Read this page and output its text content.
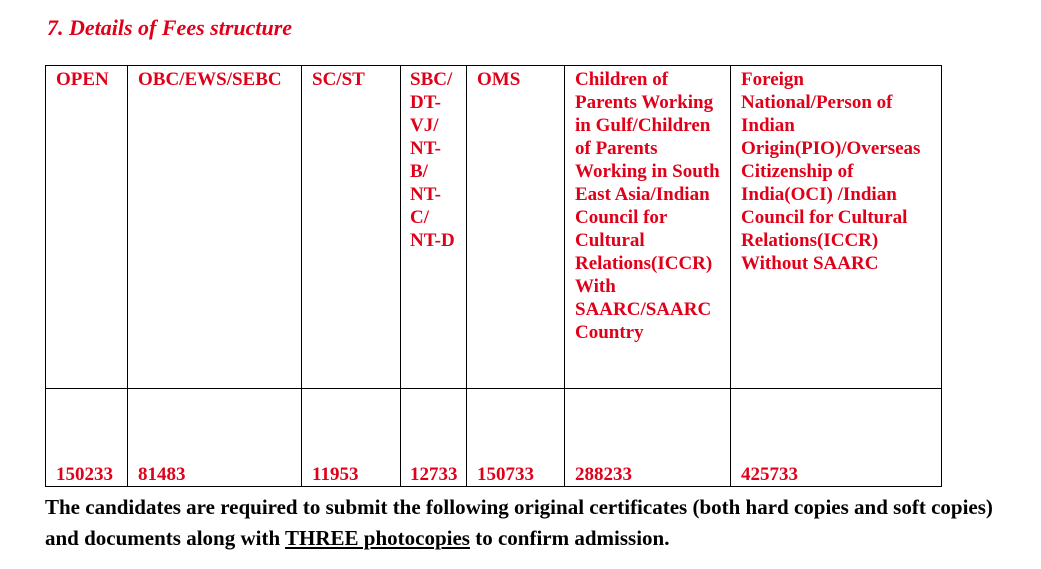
7. Details of Fees structure
OPEN	OBC/EWS/SEBC	SC/ST	SBC/ DT- VJ/ NT- B/ NT- C/ NT-D	OMS	Children of Parents Working in Gulf/Children of Parents Working in South East Asia/Indian Council for Cultural Relations(ICCR) With SAARC/SAARC Country	Foreign National/Person of Indian Origin(PIO)/Overseas Citizenship of India(OCI) /Indian Council for Cultural Relations(ICCR) Without SAARC
150233	81483	11953	12733	150733	288233	425733

The candidates are required to submit the following original certificates (both hard copies and soft copies) and documents along with THREE photocopies to confirm admission.
